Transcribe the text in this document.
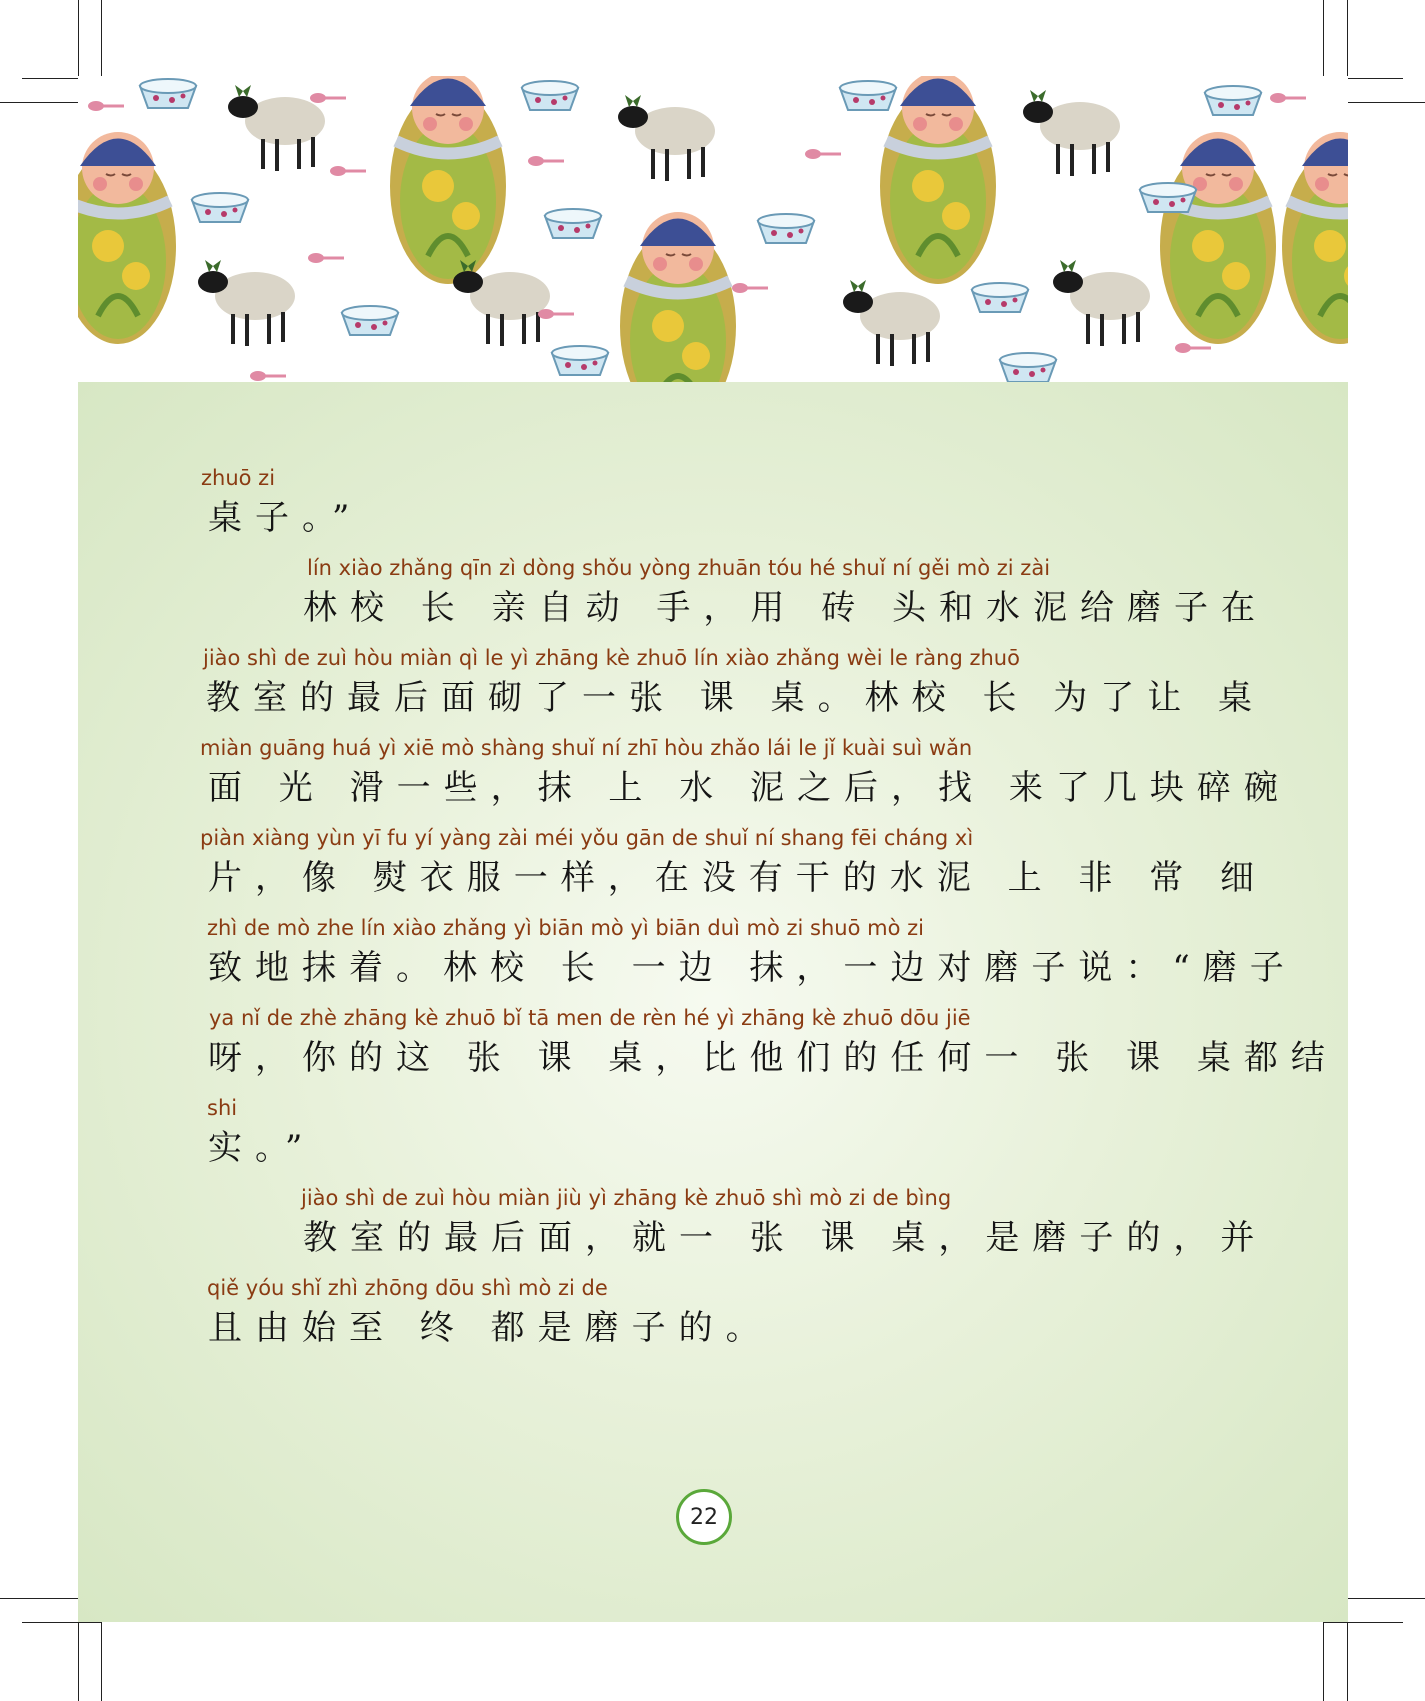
zhuō zi
桌子。”
lín xiào zhǎng qīn zì dòng shǒu yòng zhuān tóu hé shuǐ ní gěi mò zi zài
林校 长 亲自动 手，用 砖 头和水泥给磨子在
jiào shì de zuì hòu miàn qì le yì zhāng kè zhuō lín xiào zhǎng wèi le ràng zhuō
教室的最后面砌了一张 课 桌。林校 长 为了让 桌
miàn guāng huá yì xiē mò shàng shuǐ ní zhī hòu zhǎo lái le jǐ kuài suì wǎn
面 光 滑一些，抹 上 水 泥之后，找 来了几块碎碗
piàn xiàng yùn yī fu yí yàng zài méi yǒu gān de shuǐ ní shang fēi cháng xì
片，像 熨衣服一样，在没有干的水泥 上 非 常 细
zhì de mò zhe lín xiào zhǎng yì biān mò yì biān duì mò zi shuō mò zi
致地抹着。林校 长 一边 抹，一边对磨子说：“磨子
ya nǐ de zhè zhāng kè zhuō bǐ tā men de rèn hé yì zhāng kè zhuō dōu jiē
呀，你的这 张 课 桌，比他们的任何一 张 课 桌都结
shi
实。”
jiào shì de zuì hòu miàn jiù yì zhāng kè zhuō shì mò zi de bìng
教室的最后面，就一 张 课 桌，是磨子的，并
qiě yóu shǐ zhì zhōng dōu shì mò zi de
且由始至 终 都是磨子的。
22
